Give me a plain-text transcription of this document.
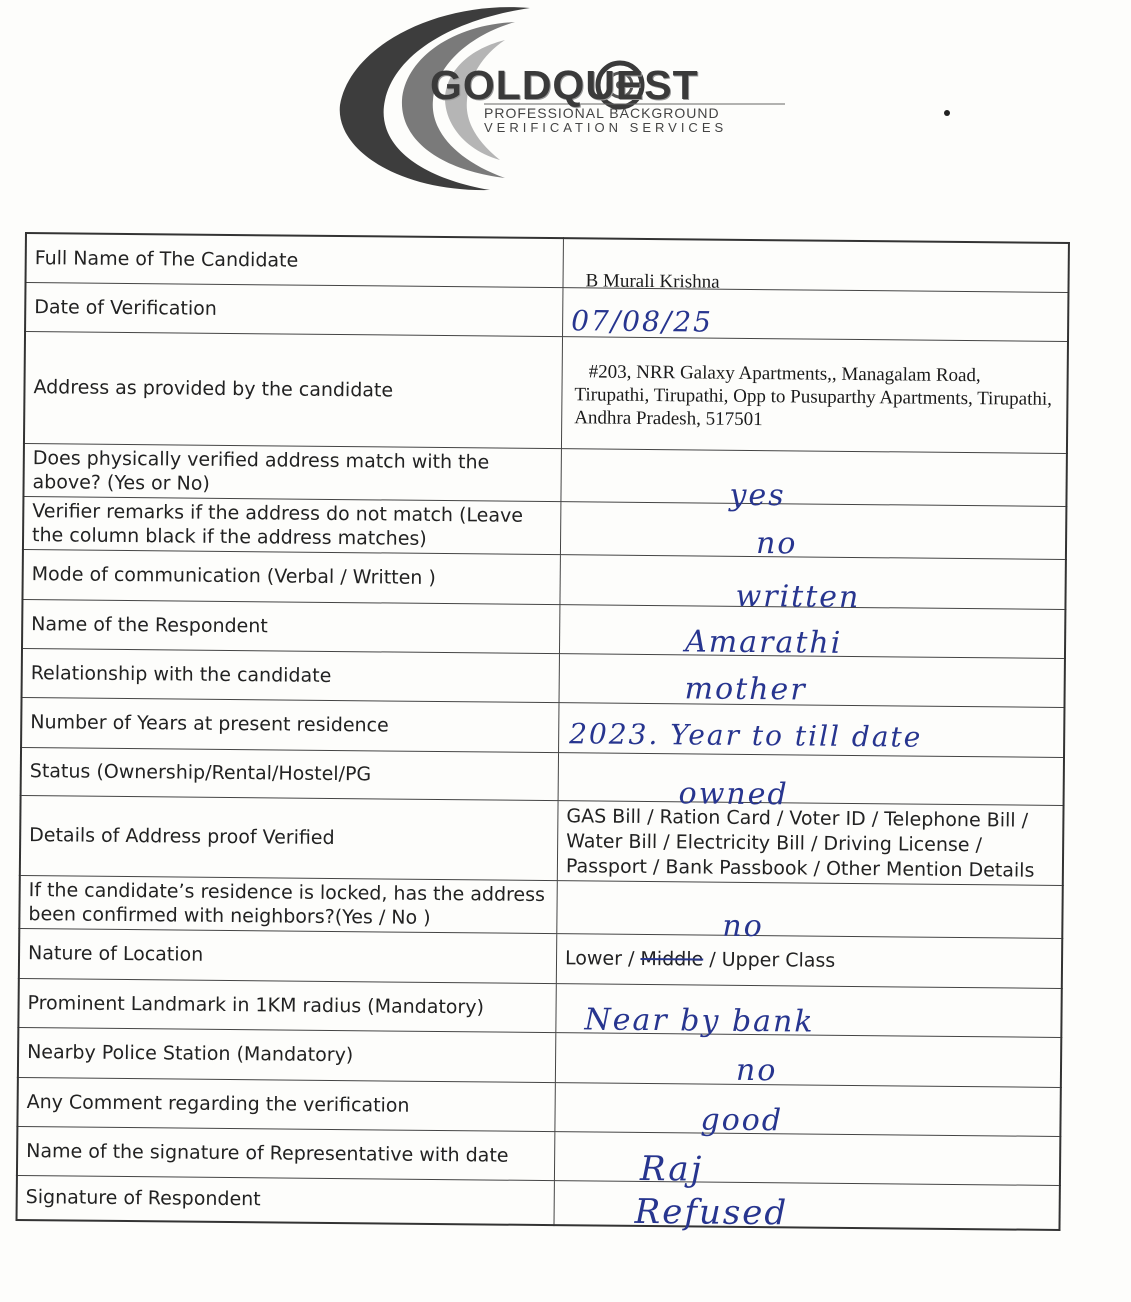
GOLDQUEST
PROFESSIONAL BACKGROUND
VERIFICATION SERVICES
Full Name of The Candidate	B Murali Krishna

Date of Verification	07/08/25

Address as provided by the candidate	#203, NRR Galaxy Apartments,, Managalam Road, Tirupathi, Tirupathi, Opp to Pusuparthy Apartments, Tirupathi, Andhra Pradesh, 517501

Does physically verified address match with the above? (Yes or No)	yes

Verifier remarks if the address do not match (Leave the column black if the address matches)	no

Mode of communication (Verbal / Written )	written

Name of the Respondent	Amarathi

Relationship with the candidate	mother

Number of Years at present residence	2023. Year to till date

Status (Ownership/Rental/Hostel/PG	owned

Details of Address proof Verified	GAS Bill / Ration Card / Voter ID / Telephone Bill / Water Bill / Electricity Bill / Driving License / Passport / Bank Passbook / Other Mention Details

If the candidate’s residence is locked, has the address been confirmed with neighbors?(Yes / No )	no

Nature of Location	Lower / Middle / Upper Class
Prominent Landmark in 1KM radius (Mandatory)	Near by bank

Nearby Police Station (Mandatory)	no

Any Comment regarding the verification	good

Name of the signature of Representative with date	Raj

Signature of Respondent	Refused
